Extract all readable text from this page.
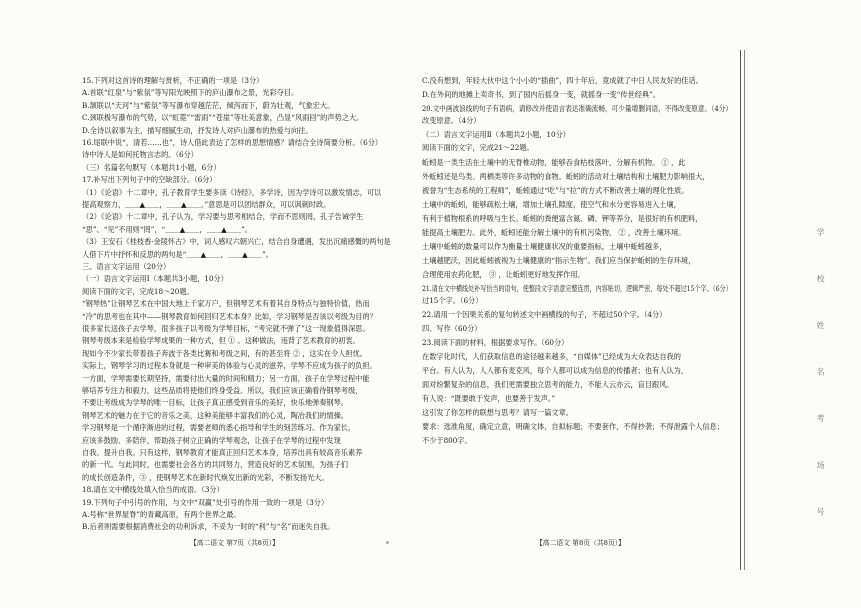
15.下列对这首诗的理解与赏析，不正确的一项是（3分）
A.首联“红泉”与“紫氛”等写阳光映照下的庐山瀑布之景，光彩夺目。
B.颔联以“天河”与“紫氛”等写瀑布穿越茫茫，倾泻而下，蔚为壮观，气象宏大。
C.颈联极写瀑布的气势，以“虹霓”“雷雨”“苍崖”等壮美意象，凸显“风雨回”的声势之大。
D.全诗以叙事为主，描写细腻生动，抒发诗人对庐山瀑布的热爱与向往。
16.尾联中说“，清若……也”，诗人借此表达了怎样的思想情感？请结合全诗简要分析。（6分）
诗中诗人是如何托物言志的。（6分）
（三）名篇名句默写（本题共1小题，6分）
17.补写出下列句子中的空缺部分。（6分）
（1）《论语》十二章中，孔子教育学生要多读《诗经》，多学诗，因为学诗可以激发情志，可以
提高观察力，＿＿▲＿＿，＿＿▲＿＿。”意思是可以团结群众，可以讽刺时政。
（2）《论语》十二章中，孔子认为，学习要与思考相结合，学而不思则罔，孔子告诫学生
“思”、“见”不用则“罔”，“＿＿▲＿＿，＿＿▲＿＿”。
（3）王安石《桂枝香·金陵怀古》中，词人感叹六朝兴亡，结合自身遭遇，发出沉痛感慨的两句是
人借下片中抒怀和反思的两句是“＿＿▲＿＿，＿＿▲＿＿”。
三、语言文字运用（20分）
（一）语言文字运用Ⅰ（本题共3小题，10分）
阅读下面的文字，完成18～20题。
“钢琴热”让钢琴艺术在中国大地上千家万户，但钢琴艺术有着其自身特点与独特价值，热而
“冷”的思考也在其中——钢琴教育如何回归艺术本身？比如，学习钢琴是否该以考级为目的？
很多家长送孩子去学琴，很多孩子以考级为学琴目标，“考完就不弹了”这一现象值得深思。
钢琴考级本来是检验学琴成果的一种方式，但 ① 。这种做法，违背了艺术教育的初衷。
现如今不少家长带着孩子奔波于各类比赛和考级之间，有的甚至将 ② ，这实在令人担忧。
实际上，钢琴学习的过程本身就是一种审美的体验与心灵的滋养，学琴不应成为孩子的负担。
一方面，学琴需要长期坚持，需要付出大量的时间和精力；另一方面，孩子在学琴过程中能
够培养专注力和毅力，这些品质将使他们终身受益。所以，我们应该正确看待钢琴考级，
不要让考级成为学琴的唯一目标，让孩子真正感受到音乐的美好，快乐地弹奏钢琴。
钢琴艺术的魅力在于它的音乐之美，这种美能够丰富我们的心灵，陶冶我们的情操。
学习钢琴是一个循序渐进的过程，需要老师的悉心指导和学生的刻苦练习。作为家长，
应该多鼓励、多陪伴，帮助孩子树立正确的学琴观念，让孩子在学琴的过程中发现
自我、提升自我。只有这样，钢琴教育才能真正回归艺术本身，培养出具有较高音乐素养
的新一代。与此同时，也需要社会各方的共同努力，营造良好的艺术氛围，为孩子们
的成长创造条件，③ ，使钢琴艺术在新时代焕发出新的光彩，不断发扬光大。
18.请在文中横线处填入恰当的成语。（3分）
19.下列句子中引号的作用，与文中“双赢”处引号的作用一致的一项是（3分）
A.号称“世界屋脊”的青藏高原，有两个世界之最。
B.后者则需要根据消费社会的功利诉求，不妥为一时的“利”与“名”而迷失自我。
C.没有想到，年轻大伙中这个小小的“插曲”，四十年后，竟成就了中日人民友好的佳话。
D.在外间的地摊上卖奇书，到了国内后摇身一变，就摇身一变“传世经典”。
20.文中画波浪线的句子有语病，请修改并使语言表达准确流畅，可少量增删词语，不得改变原意。（4分）
改变原意。（4分）
（二）语言文字运用Ⅱ（本题共2小题，10分）
阅读下面的文字，完成21～22题。
蚯蚓是一类生活在土壤中的无脊椎动物，能够吞食枯枝落叶，分解有机物。 ① ，此
外蚯蚓还是鸟类、两栖类等许多动物的食物。蚯蚓的活动对土壤结构和土壤肥力影响很大，
被誉为“生态系统的工程师”，蚯蚓通过“吃”与“拉”的方式不断改善土壤的理化性质。
土壤中的蚯蚓，能够疏松土壤，增加土壤孔隙度，使空气和水分更容易进入土壤，
有利于植物根系的呼吸与生长。蚯蚓的粪便富含氮、磷、钾等养分，是很好的有机肥料，
能提高土壤肥力。此外，蚯蚓还能分解土壤中的有机污染物， ② ，改善土壤环境。
土壤中蚯蚓的数量可以作为衡量土壤健康状况的重要指标，土壤中蚯蚓越多，
土壤越肥沃，因此蚯蚓被视为土壤健康的“指示生物”。我们应当保护蚯蚓的生存环境，
合理使用农药化肥， ③ ，让蚯蚓更好地发挥作用。
21.请在文中横线处补写恰当的语句，使整段文字语意完整连贯，内容贴切，逻辑严密，每处不超过15个字。（6分）
过15个字。（6分）
22.请用一个因果关系的复句转述文中画横线的句子，不超过50个字。（4分）
四、写作（60分）
23.阅读下面的材料，根据要求写作。（60分）
在数字化时代，人们获取信息的途径越来越多，“自媒体”已经成为大众表达自我的
平台。有人认为，人人都有麦克风，每个人都可以成为信息的传播者；也有人认为，
面对纷繁复杂的信息，我们更需要独立思考的能力，不能人云亦云，盲目跟风。
有人说：“既要敢于发声，也要善于发声。”
这引发了你怎样的联想与思考？请写一篇文章。
要求：选准角度，确定立意，明确文体，自拟标题；不要套作，不得抄袭；不得泄露个人信息；
不少于800字。
【高二语文 第7页（共8页）】	【高二语文 第8页（共8页）】
学 校 姓 名 考 场 号
